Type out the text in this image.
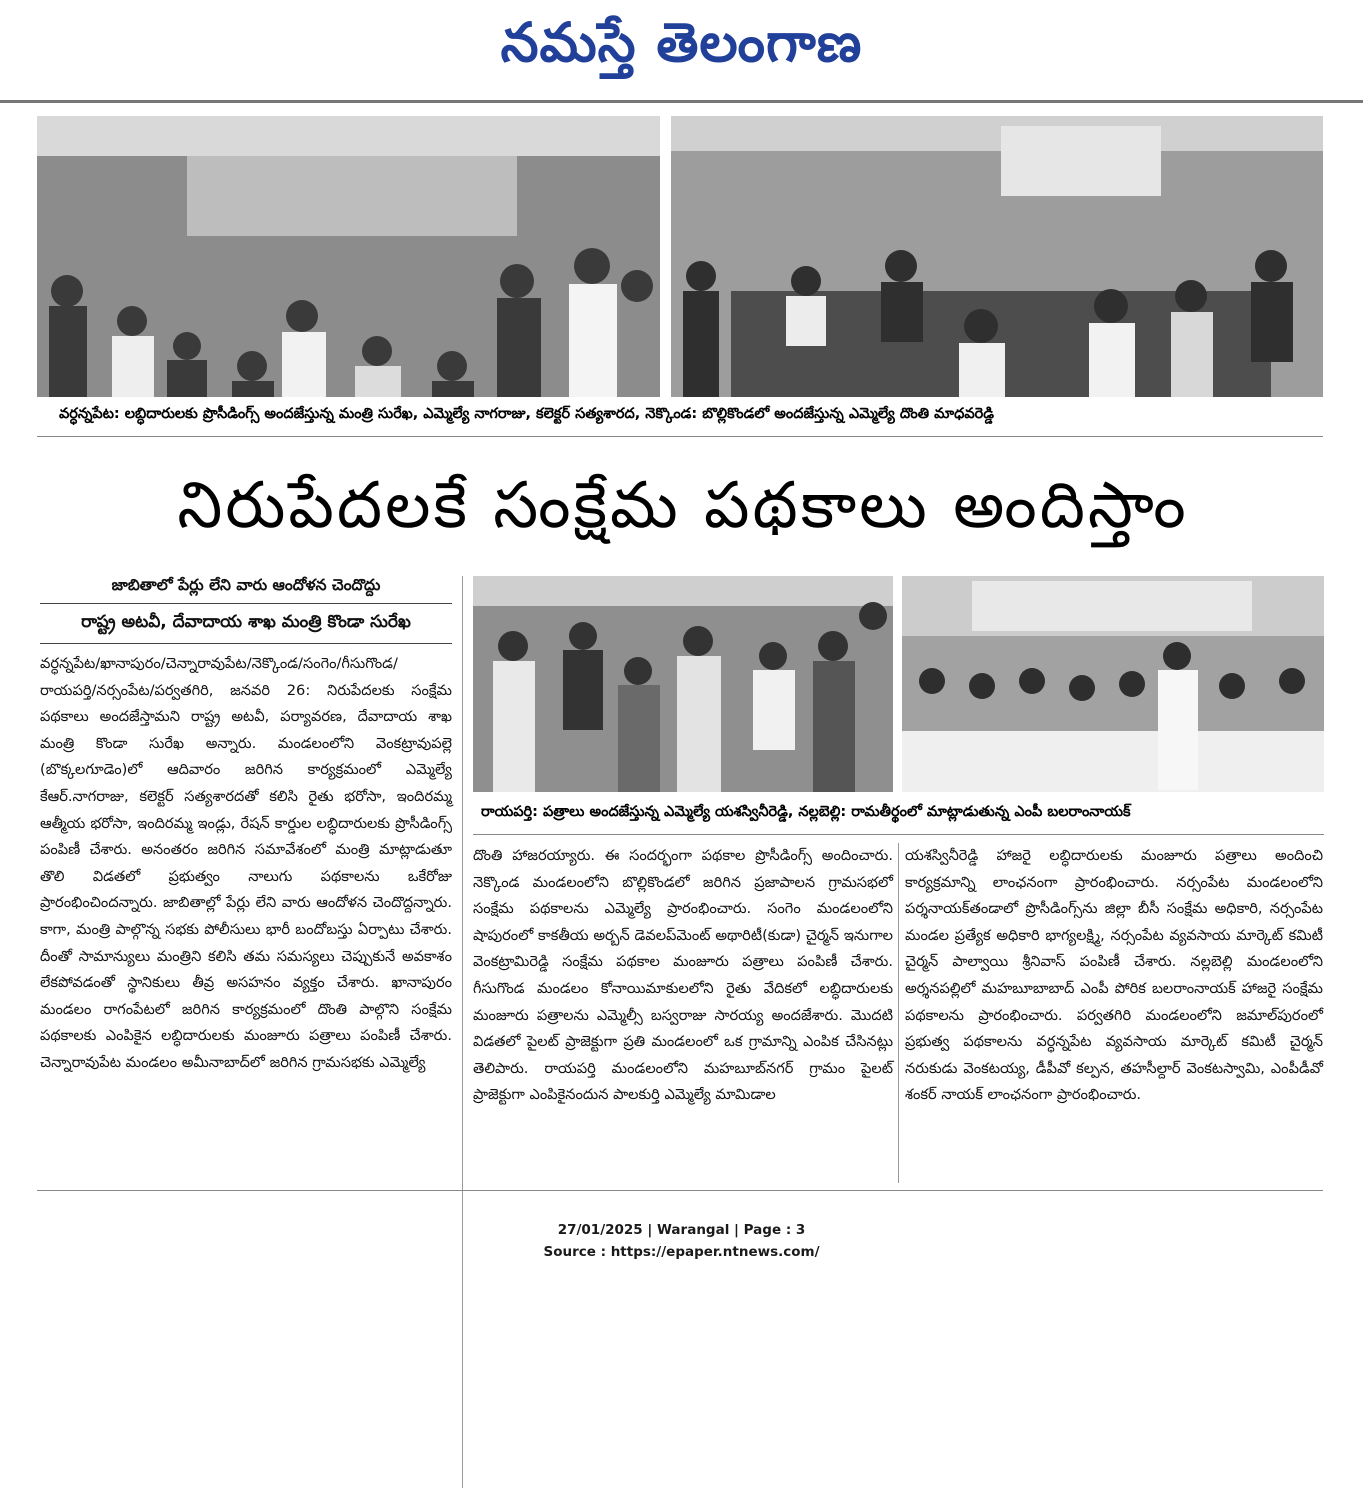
నమస్తే తెలంగాణ
వర్ధన్నపేట: లబ్ధిదారులకు ప్రొసీడింగ్స్ అందజేస్తున్న మంత్రి సురేఖ, ఎమ్మెల్యే నాగరాజు, కలెక్టర్ సత్యశారద, నెక్కొండ: బొల్లికొండలో అందజేస్తున్న ఎమ్మెల్యే దొంతి మాధవరెడ్డి
నిరుపేదలకే సంక్షేమ పథకాలు అందిస్తాం
జాబితాలో పేర్లు లేని వారు ఆందోళన చెందొద్దు
రాష్ట్ర అటవీ, దేవాదాయ శాఖ మంత్రి కొండా సురేఖ
రాయపర్తి: పత్రాలు అందజేస్తున్న ఎమ్మెల్యే యశస్వినీరెడ్డి, నల్లబెల్లి: రామతీర్థంలో మాట్లాడుతున్న ఎంపీ బలరాంనాయక్

వర్ధన్నపేట/ఖానాపురం/చెన్నారావుపేట/నెక్కొండ/సంగెం/గీసుగొండ/రాయపర్తి/నర్సంపేట/పర్వతగిరి, జనవరి 26: నిరుపేదలకు సంక్షేమ పథకాలు అందజేస్తామని రాష్ట్ర అటవీ, పర్యావరణ, దేవాదాయ శాఖ మంత్రి కొండా సురేఖ అన్నారు. మండలంలోని వెంకట్రావుపల్లె (బొక్కలగూడెం)లో ఆదివారం జరిగిన కార్యక్రమంలో ఎమ్మెల్యే కేఆర్.నాగరాజు, కలెక్టర్ సత్యశారదతో కలిసి రైతు భరోసా, ఇందిరమ్మ ఆత్మీయ భరోసా, ఇందిరమ్మ ఇండ్లు, రేషన్ కార్డుల లబ్ధిదారులకు ప్రొసీడింగ్స్ పంపిణీ చేశారు. అనంతరం జరిగిన సమావేశంలో మంత్రి మాట్లాడుతూ తొలి విడతలో ప్రభుత్వం నాలుగు పథకాలను ఒకేరోజు ప్రారంభించిందన్నారు. జాబితాల్లో పేర్లు లేని వారు ఆందోళన చెందొద్దన్నారు. కాగా, మంత్రి పాల్గొన్న సభకు పోలీసులు భారీ బందోబస్తు ఏర్పాటు చేశారు. దీంతో సామాన్యులు మంత్రిని కలిసి తమ సమస్యలు చెప్పుకునే అవకాశం లేకపోవడంతో స్థానికులు తీవ్ర అసహనం వ్యక్తం చేశారు. ఖానాపురం మండలం రాగంపేటలో జరిగిన కార్యక్రమంలో దొంతి పాల్గొని సంక్షేమ పథకాలకు ఎంపికైన లబ్ధిదారులకు మంజూరు పత్రాలు పంపిణీ చేశారు. చెన్నారావుపేట మండలం అమీనాబాద్‌లో జరిగిన గ్రామసభకు ఎమ్మెల్యే

దొంతి హాజరయ్యారు. ఈ సందర్భంగా పథకాల ప్రొసీడింగ్స్ అందించారు. నెక్కొండ మండలంలోని బొల్లికొండలో జరిగిన ప్రజాపాలన గ్రామసభలో సంక్షేమ పథకాలను ఎమ్మెల్యే ప్రారంభించారు. సంగెం మండలంలోని షాపురంలో కాకతీయ అర్బన్ డెవలప్‌మెంట్ అథారిటీ(కుడా) చైర్మన్ ఇనుగాల వెంకట్రామిరెడ్డి సంక్షేమ పథకాల మంజూరు పత్రాలు పంపిణీ చేశారు. గీసుగొండ మండలం కోనాయిమాకులలోని రైతు వేదికలో లబ్ధిదారులకు మంజూరు పత్రాలను ఎమ్మెల్సీ బస్వరాజు సారయ్య అందజేశారు. మొదటి విడతలో పైలట్ ప్రాజెక్టుగా ప్రతి మండలంలో ఒక గ్రామాన్ని ఎంపిక చేసినట్లు తెలిపారు. రాయపర్తి మండలంలోని మహబూబ్‌నగర్ గ్రామం పైలట్ ప్రాజెక్టుగా ఎంపికైనందున పాలకుర్తి ఎమ్మెల్యే మామిడాల

యశస్వినీరెడ్డి హాజరై లబ్ధిదారులకు మంజూరు పత్రాలు అందించి కార్యక్రమాన్ని లాంఛనంగా ప్రారంభించారు. నర్సంపేట మండలంలోని పర్శనాయక్‌తండాలో ప్రొసీడింగ్స్‌ను జిల్లా బీసీ సంక్షేమ అధికారి, నర్సంపేట మండల ప్రత్యేక అధికారి భాగ్యలక్ష్మి, నర్సంపేట వ్యవసాయ మార్కెట్ కమిటీ చైర్మన్ పాల్వాయి శ్రీనివాస్ పంపిణీ చేశారు. నల్లబెల్లి మండలంలోని అర్శనపల్లిలో మహబూబాబాద్ ఎంపీ పోరిక బలరాంనాయక్ హాజరై సంక్షేమ పథకాలను ప్రారంభించారు. పర్వతగిరి మండలంలోని జమాల్‌పురంలో ప్రభుత్వ పథకాలను వర్ధన్నపేట వ్యవసాయ మార్కెట్ కమిటీ చైర్మన్ నరుకుడు వెంకటయ్య, డీపీవో కల్పన, తహసీల్దార్ వెంకటస్వామి, ఎంపీడీవో శంకర్ నాయక్ లాంఛనంగా ప్రారంభించారు.

27/01/2025 | Warangal | Page : 3
Source : https://epaper.ntnews.com/
